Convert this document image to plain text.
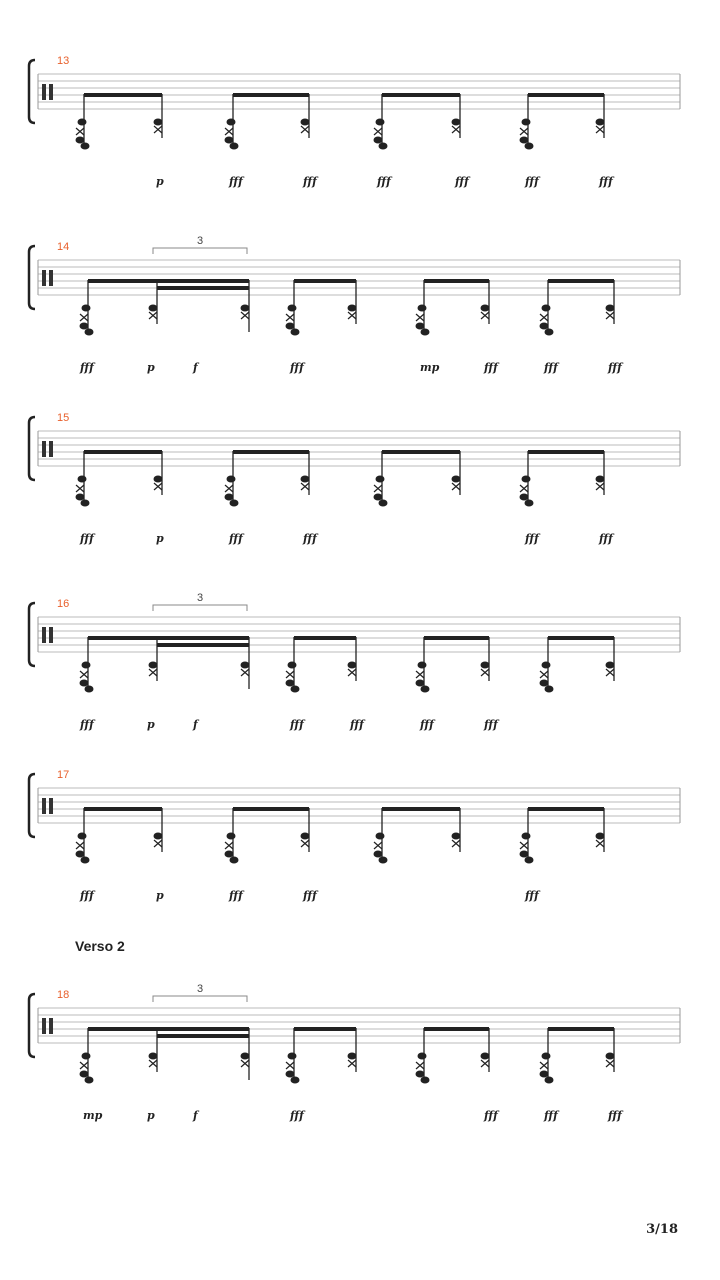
13
p	fff	fff	fff	fff	fff	fff
14	3
fff	p	f	fff	mp	fff	fff	fff
15
fff	p	fff	fff	fff	fff
16	3
fff	p	f	fff	fff	fff	fff
17
fff	p	fff	fff	fff
18	3
mp	p	f	fff	fff	fff	fff
Verso 2
3/18
